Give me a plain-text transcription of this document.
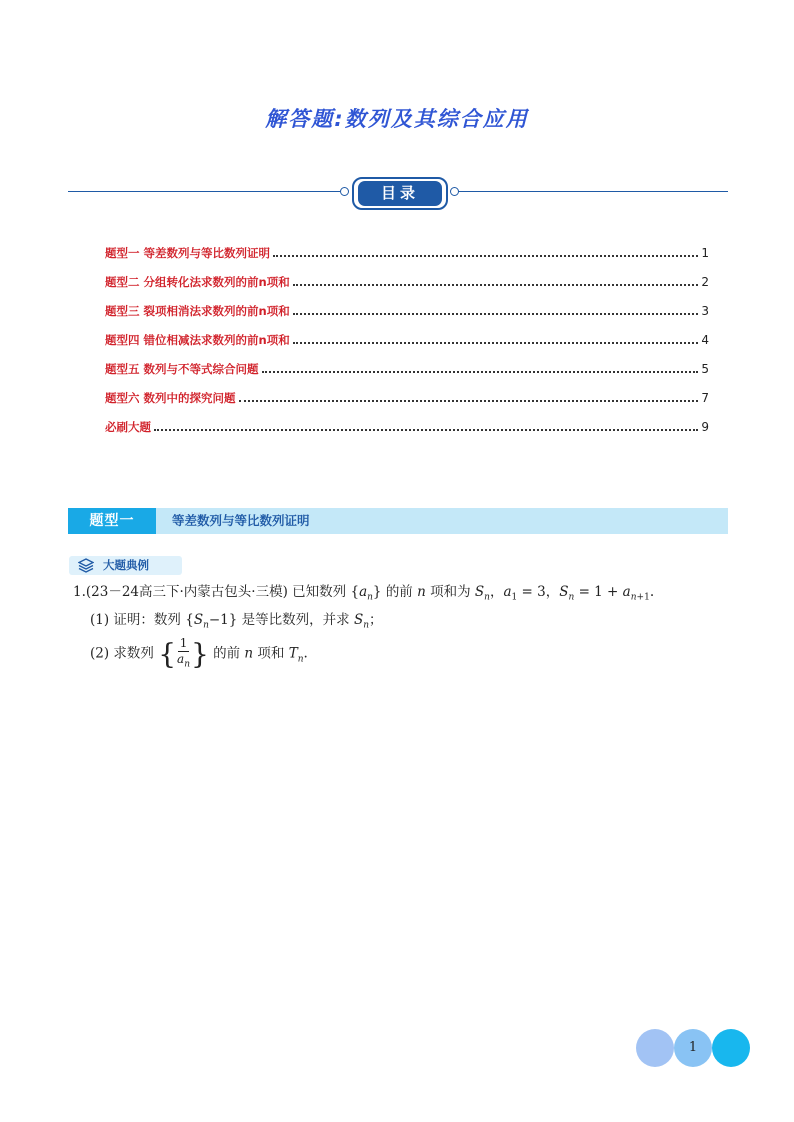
解答题:数列及其综合应用
目录
题型一 等差数列与等比数列证明	1
题型二 分组转化法求数列的前n项和	2
题型三 裂项相消法求数列的前n项和	3
题型四 错位相减法求数列的前n项和	4
题型五 数列与不等式综合问题	5
题型六 数列中的探究问题	7
必刷大题	9
题型一	等差数列与等比数列证明
大题典例
1.(23－24高三下·内蒙古包头·三模) 已知数列 $\{a_n\}$ 的前 n 项和为 $S_n$，$a_1 = 3$，$S_n = 1 + a_{n+1}$.
(1) 证明：数列 $\{S_n-1\}$ 是等比数列，并求 $S_n$；
(2) 求数列 { $\frac{1}{a_n}$ } 的前 n 项和 $T_n$.
1
